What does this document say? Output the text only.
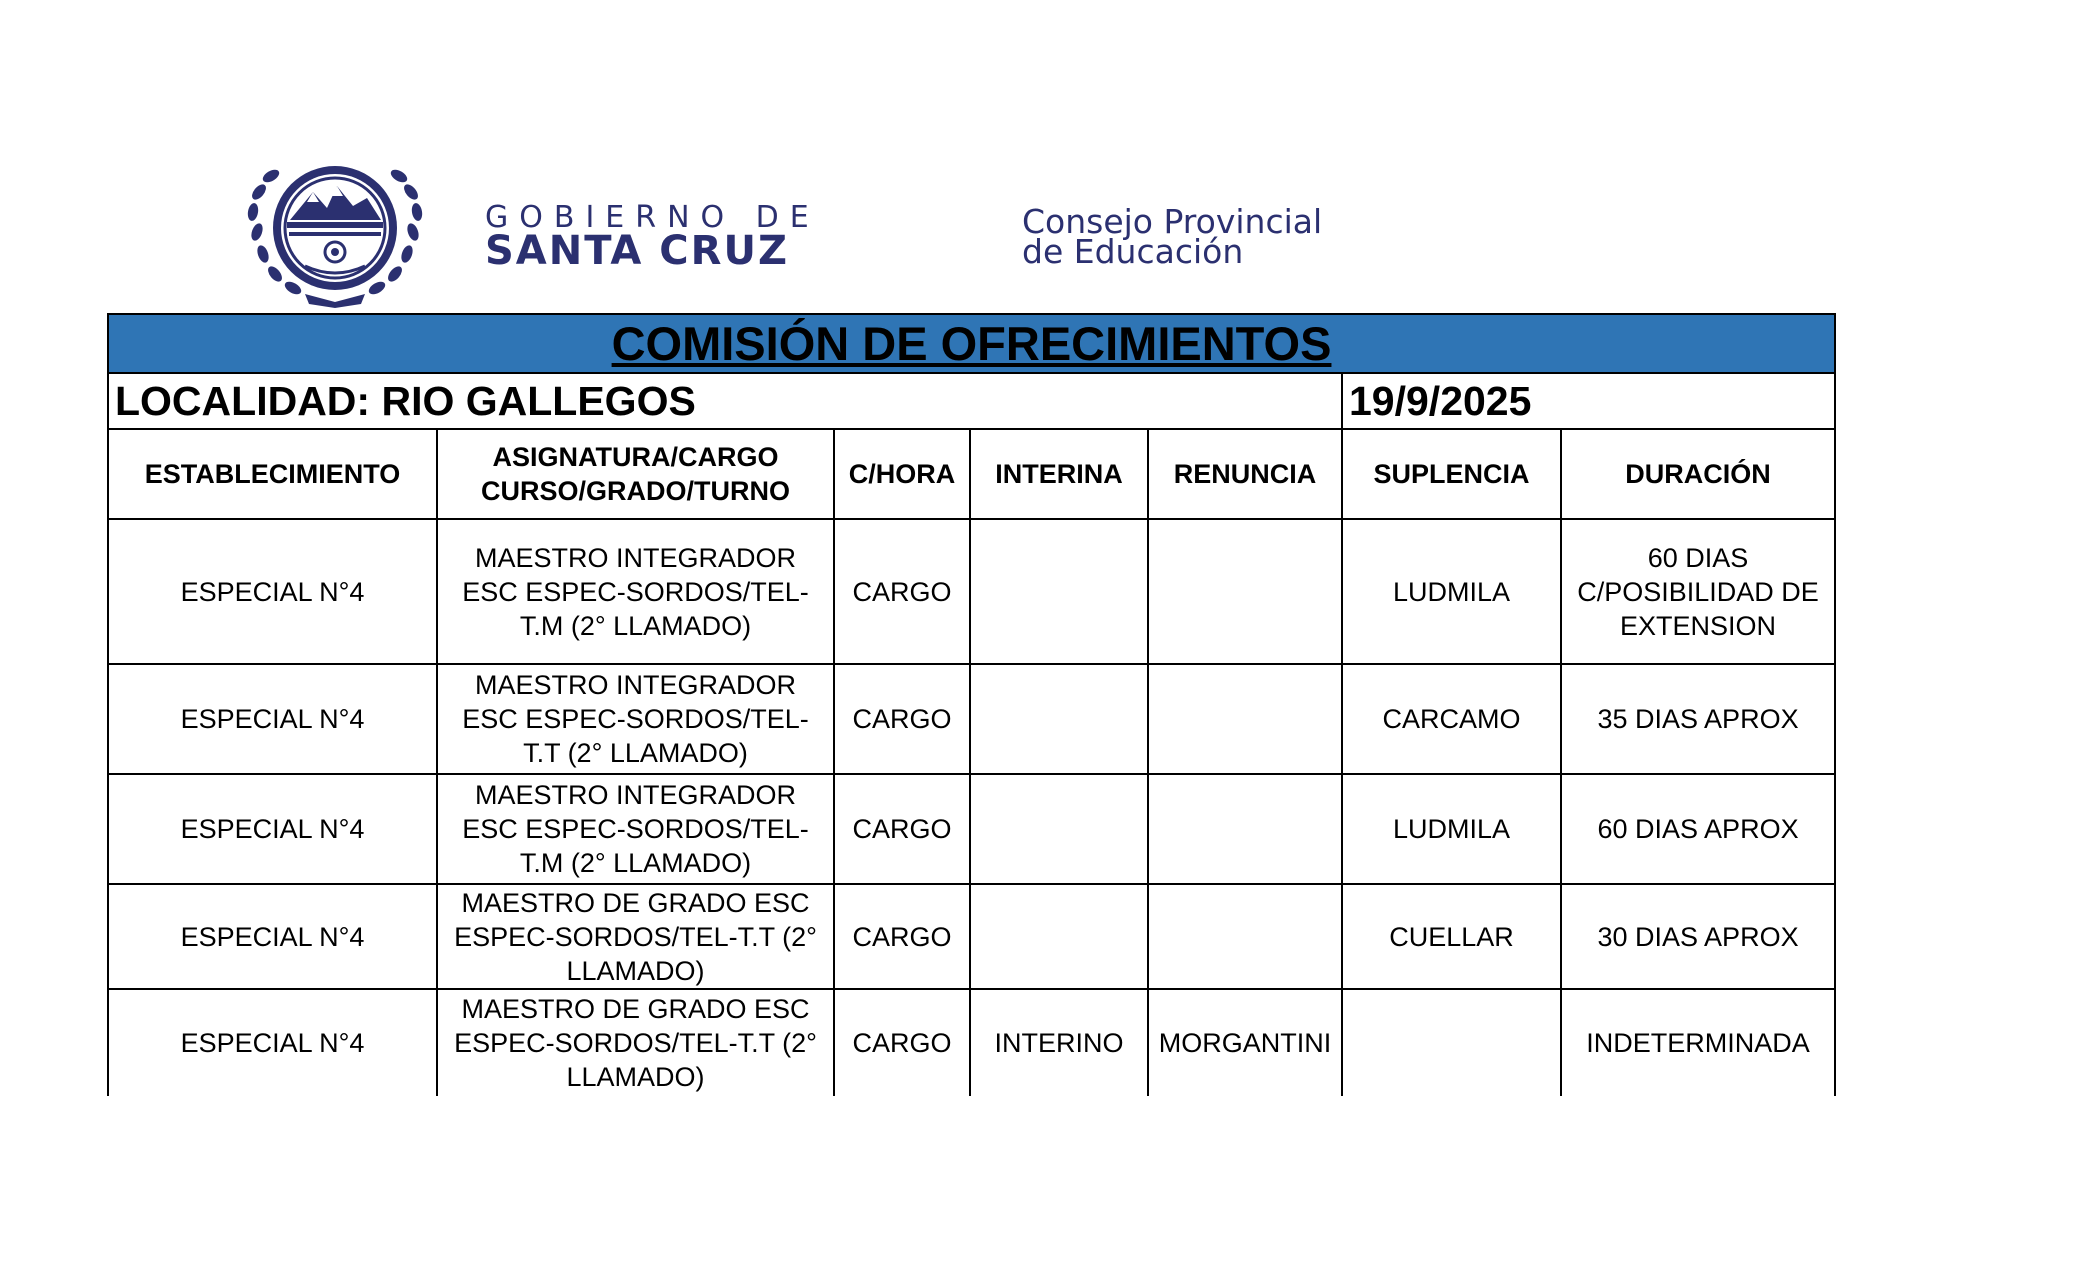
GOBIERNO DE
SANTA CRUZ
Consejo Provincial
de Educación
COMISIÓN DE OFRECIMIENTOS						
LOCALIDAD: RIO GALLEGOS					19/9/2025	
ESTABLECIMIENTO	ASIGNATURA/CARGO
CURSO/GRADO/TURNO	C/HORA	INTERINA	RENUNCIA	SUPLENCIA	DURACIÓN
ESPECIAL N°4	MAESTRO INTEGRADOR
ESC ESPEC-SORDOS/TEL-
T.M (2° LLAMADO)	CARGO			LUDMILA	60 DIAS
C/POSIBILIDAD DE
EXTENSION
ESPECIAL N°4	MAESTRO INTEGRADOR
ESC ESPEC-SORDOS/TEL-
T.T (2° LLAMADO)	CARGO			CARCAMO	35 DIAS APROX
ESPECIAL N°4	MAESTRO INTEGRADOR
ESC ESPEC-SORDOS/TEL-
T.M (2° LLAMADO)	CARGO			LUDMILA	60 DIAS APROX
ESPECIAL N°4	MAESTRO DE GRADO ESC
ESPEC-SORDOS/TEL-T.T (2°
LLAMADO)	CARGO			CUELLAR	30 DIAS APROX
ESPECIAL N°4	MAESTRO DE GRADO ESC
ESPEC-SORDOS/TEL-T.T (2°
LLAMADO)	CARGO	INTERINO	MORGANTINI		INDETERMINADA
